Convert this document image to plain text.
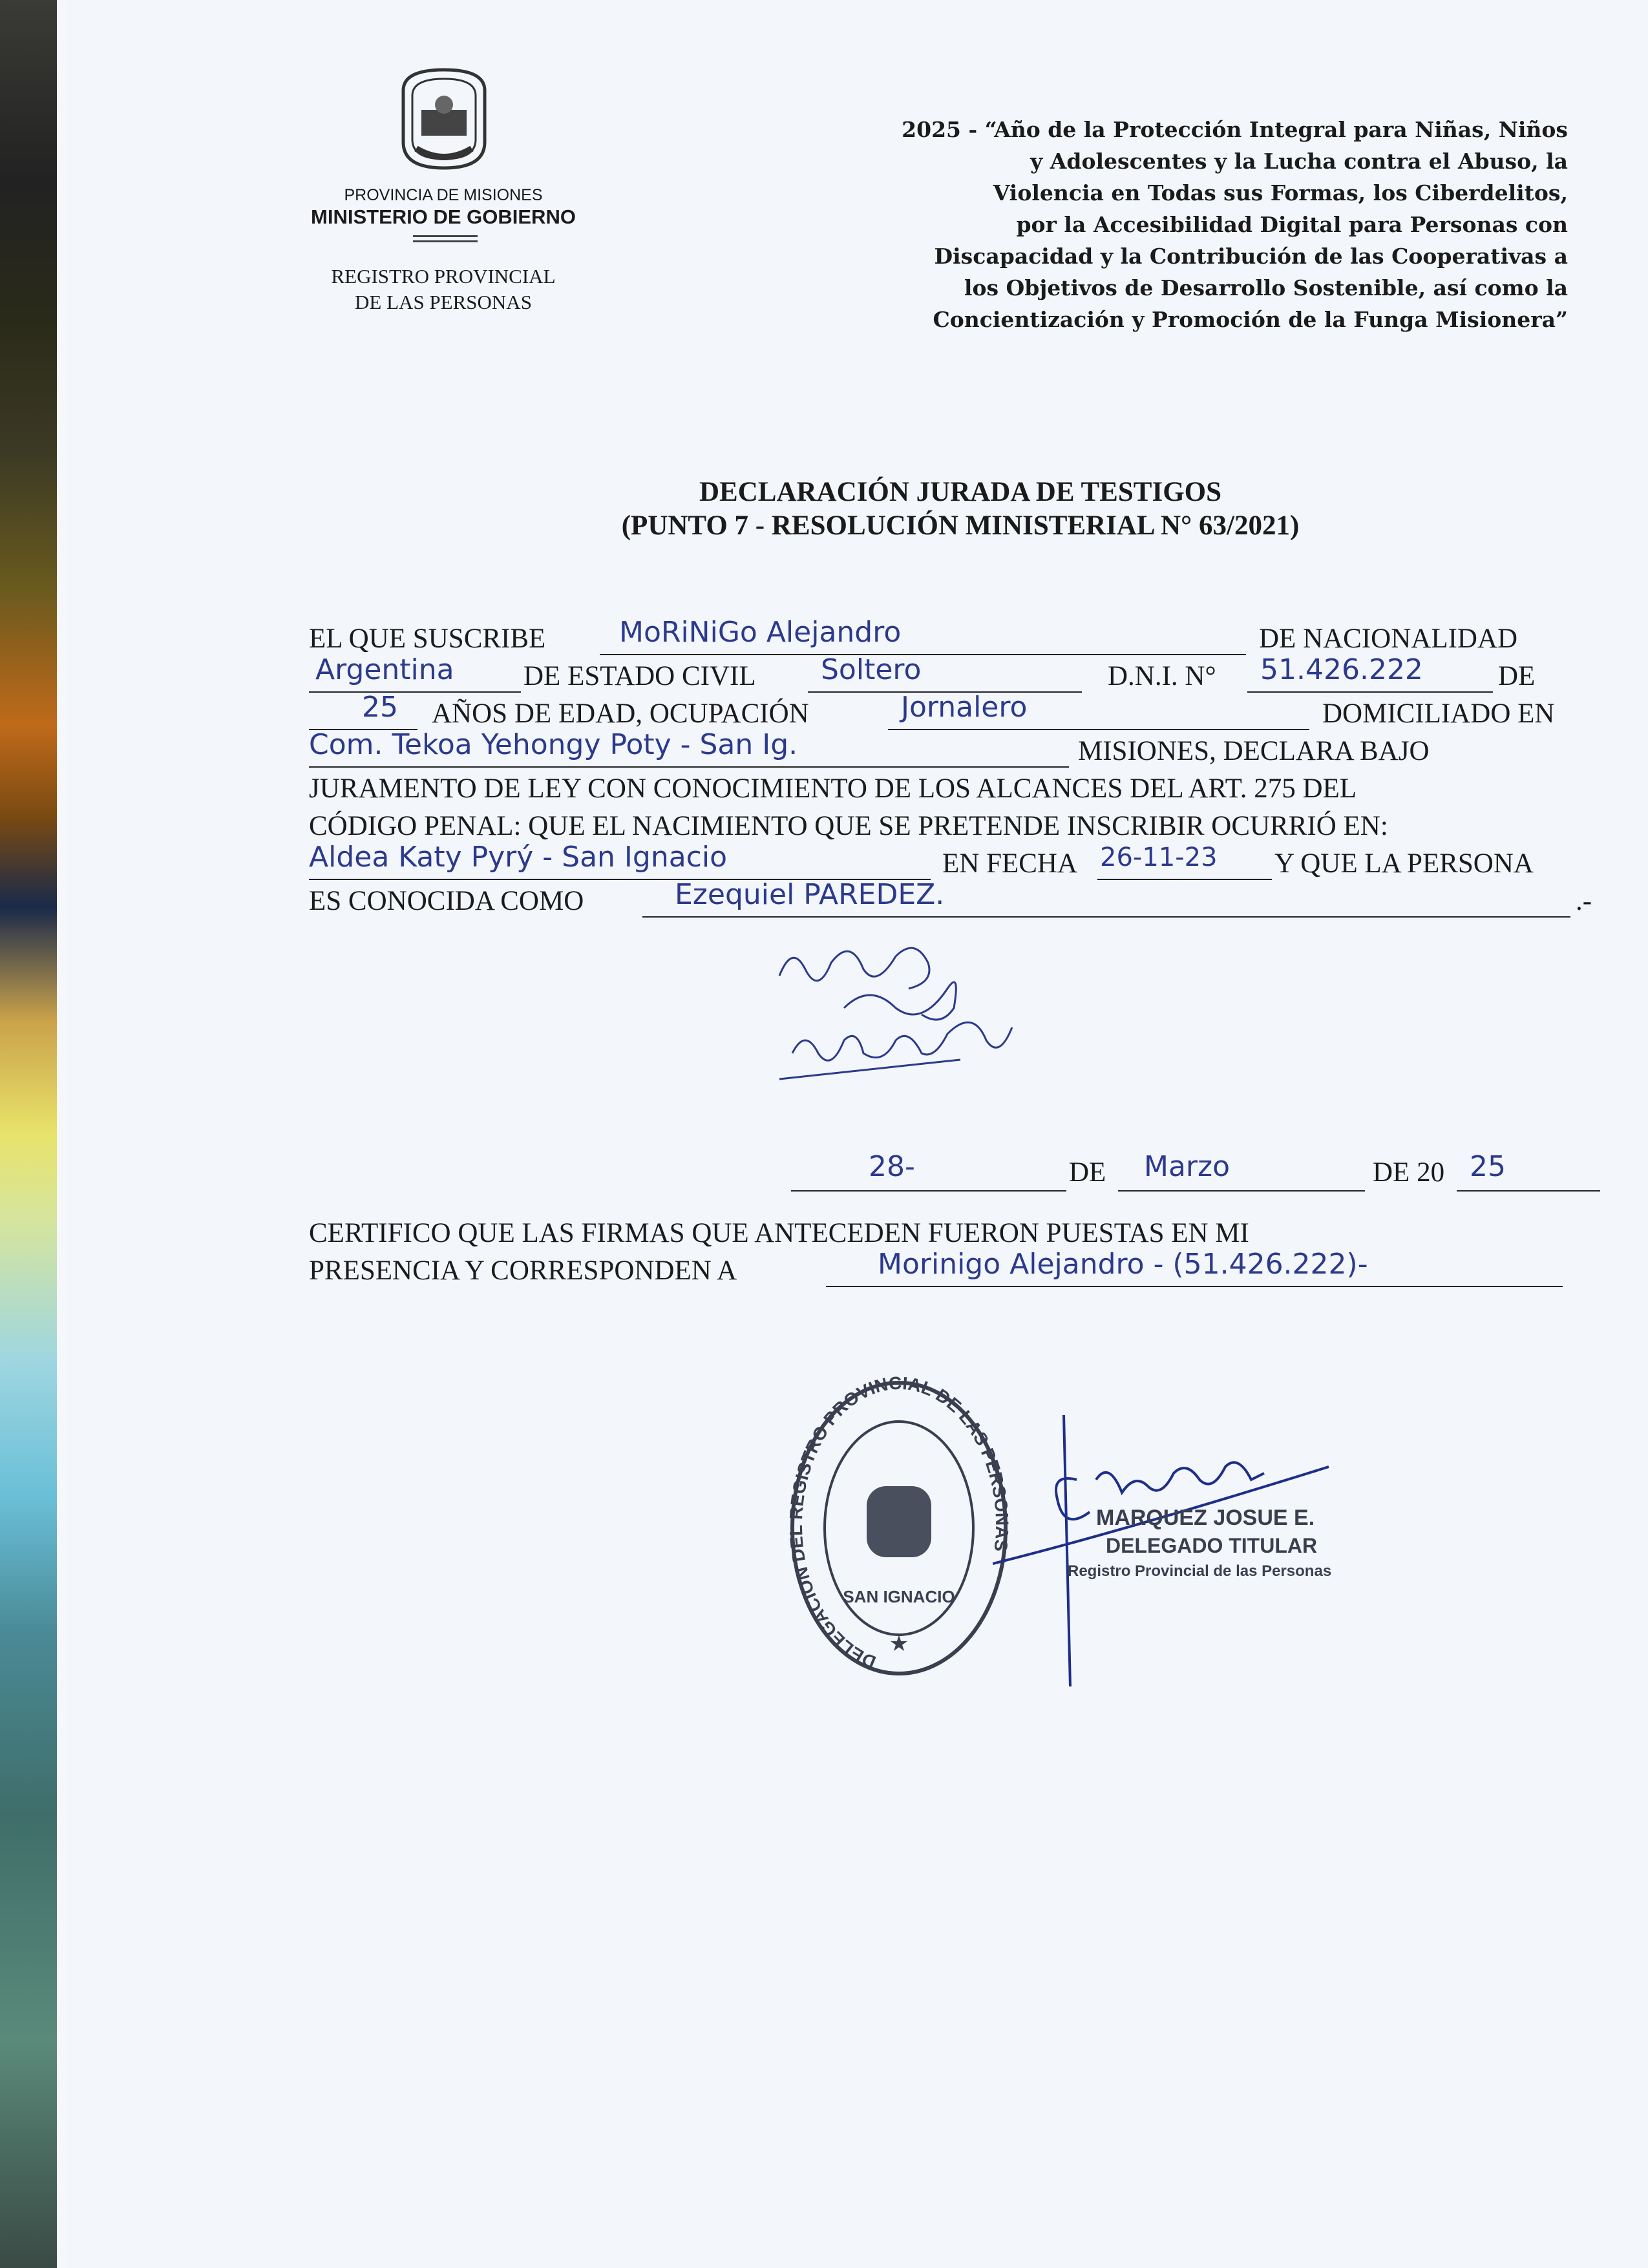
PROVINCIA DE MISIONES
MINISTERIO DE GOBIERNO
REGISTRO PROVINCIAL
DE LAS PERSONAS
2025 - “Año de la Protección Integral para Niñas, Niños
y Adolescentes y la Lucha contra el Abuso, la
Violencia en Todas sus Formas, los Ciberdelitos,
por la Accesibilidad Digital para Personas con
Discapacidad y la Contribución de las Cooperativas a
los Objetivos de Desarrollo Sostenible, así como la
Concientización y Promoción de la Funga Misionera”
DECLARACIÓN JURADA DE TESTIGOS
(PUNTO 7 - RESOLUCIÓN MINISTERIAL N° 63/2021)
EL QUE SUSCRIBE	MoRiNiGo Alejandro	DE NACIONALIDAD
Argentina DE ESTADO CIVIL Soltero	D.N.I. N° 51.426.222	DE
25 AÑOS DE EDAD, OCUPACIÓN	Jornalero	DOMICILIADO EN
Com. Tekoa Yehongy Poty - San Ig.	MISIONES, DECLARA BAJO
JURAMENTO DE LEY CON CONOCIMIENTO DE LOS ALCANCES DEL ART. 275 DEL
CÓDIGO PENAL: QUE EL NACIMIENTO QUE SE PRETENDE INSCRIBIR OCURRIÓ EN:
Aldea Katy Pyrý - San Ignacio	EN FECHA 26-11-23 Y QUE LA PERSONA
ES CONOCIDA COMO	Ezequiel PAREDEZ.	.-
28-	DE Marzo	DE 20 25
CERTIFICO QUE LAS FIRMAS QUE ANTECEDEN FUERON PUESTAS EN MI
PRESENCIA Y CORRESPONDEN A	Morinigo Alejandro - (51.426.222)-
DELEGACION DEL REGISTRO PROVINCIAL DE LAS PERSONAS
SAN IGNACIO
★
MARQUEZ JOSUE E.
DELEGADO TITULAR
Registro Provincial de las Personas
